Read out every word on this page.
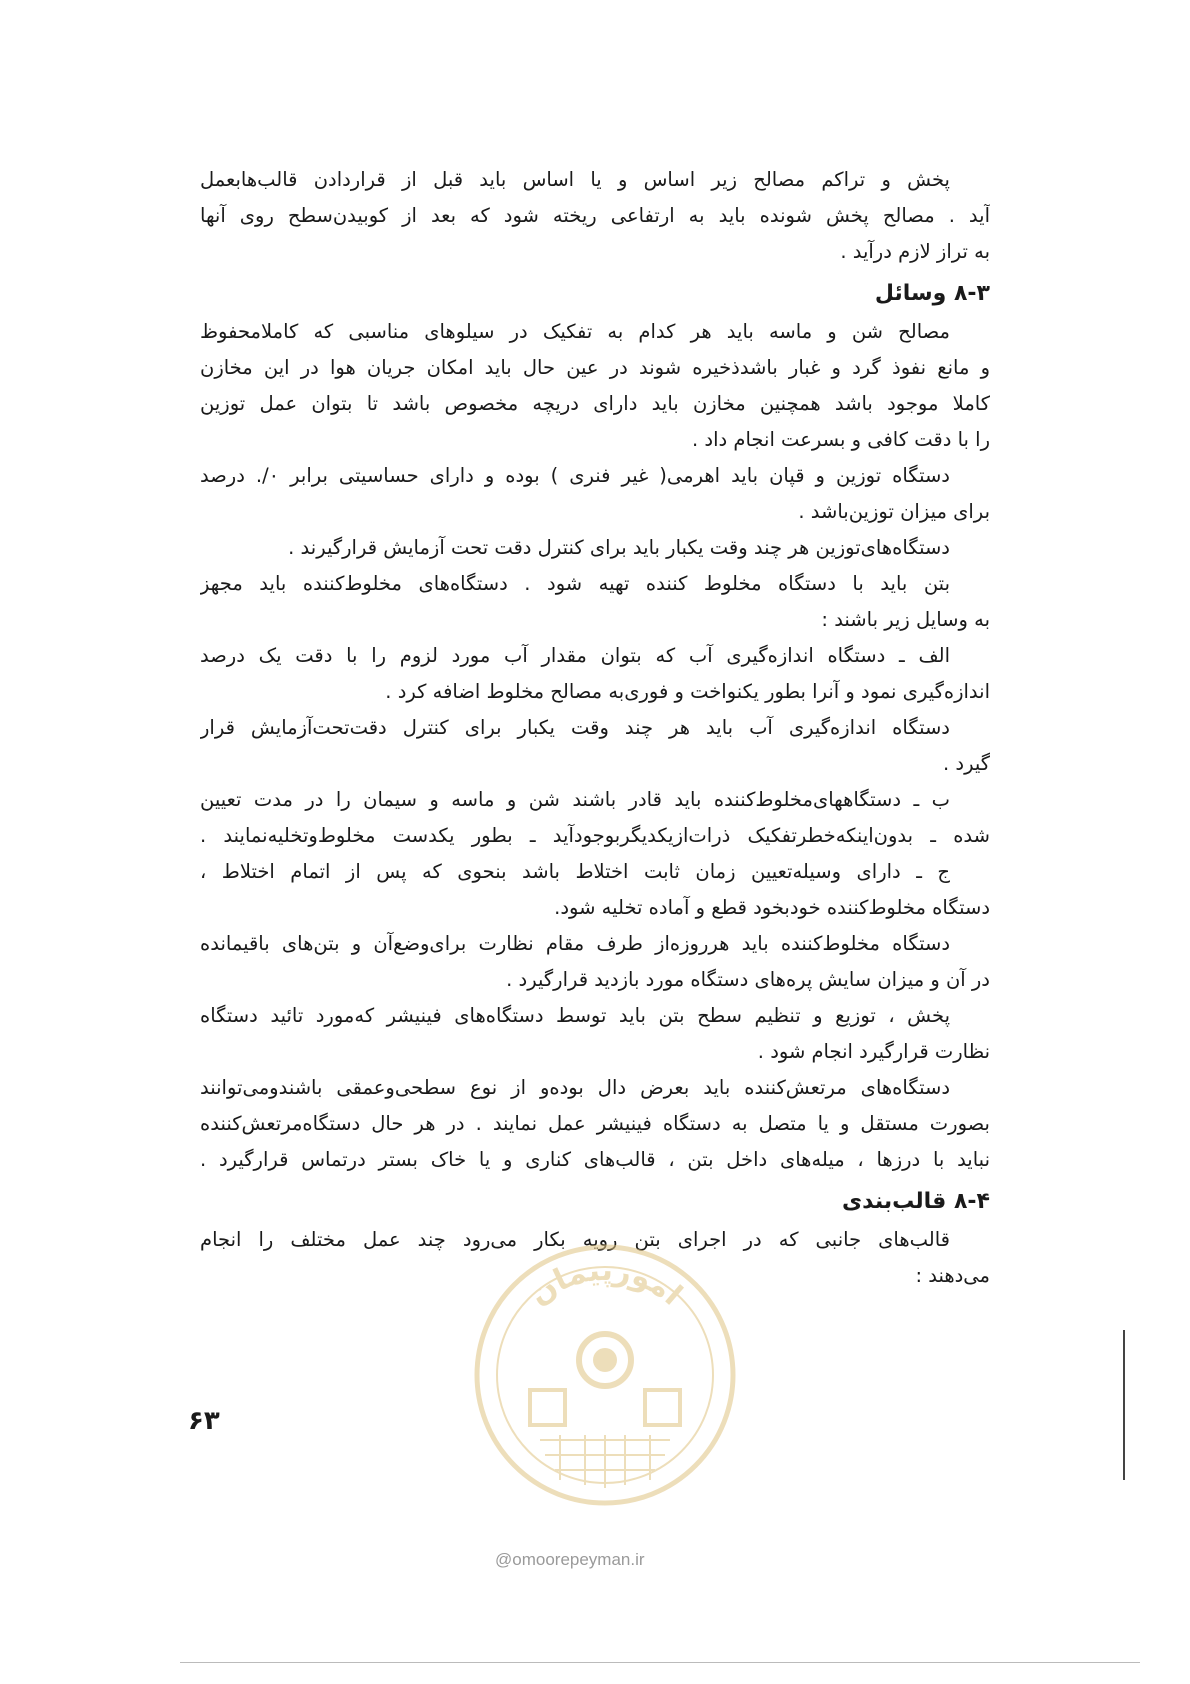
پخش و تراکم مصالح زیر اساس و یا اساس باید قبل از قراردادن قالب‌هابعمل
آید . مصالح پخش شونده باید به ارتفاعی ریخته شود که بعد از کوبیدن‌سطح روی آنها
به تراز لازم درآید .
۸-۳ وسائل
مصالح شن و ماسه باید هر کدام به تفکیک در سیلوهای مناسبی که کاملامحفوظ
و مانع نفوذ گرد و غبار باشدذخیره شوند در عین حال باید امکان جریان هوا در این مخازن
کاملا موجود باشد همچنین مخازن باید دارای دریچه مخصوص باشد تا بتوان عمل توزین
را با دقت کافی و بسرعت انجام داد .
دستگاه توزین و قپان باید اهرمی( غیر فنری ) بوده و دارای حساسیتی برابر ۰/. درصد
برای میزان توزین‌باشد .
دستگاه‌های‌توزین هر چند وقت یکبار باید برای کنترل دقت تحت آزمایش قرارگیرند .
بتن باید با دستگاه مخلوط کننده تهیه شود . دستگاه‌های مخلوط‌کننده باید مجهز
به وسایل زیر باشند :
الف ـ دستگاه اندازه‌گیری آب که بتوان مقدار آب مورد لزوم را با دقت یک درصد
اندازه‌گیری نمود و آنرا بطور یکنواخت و فوری‌به مصالح مخلوط اضافه کرد .
دستگاه اندازه‌گیری آب باید هر چند وقت یکبار برای کنترل دقت‌تحت‌آزمایش قرار
گیرد .
ب ـ دستگاههای‌مخلوط‌کننده باید قادر باشند شن و ماسه و سیمان را در مدت تعیین
شده ـ بدون‌اینکه‌خطرتفکیک ذرات‌ازیکدیگربوجودآید ـ بطور یکدست مخلوط‌وتخلیه‌نمایند .
ج ـ دارای وسیله‌تعیین زمان ثابت اختلاط باشد بنحوی که پس از اتمام اختلاط ،
دستگاه مخلوط‌کننده خودبخود قطع و آماده تخلیه شود.
دستگاه مخلوط‌کننده باید هرروزه‌از طرف مقام نظارت برای‌وضع‌آن و بتن‌های باقیمانده
در آن و میزان سایش پره‌های دستگاه مورد بازدید قرارگیرد .
پخش ، توزیع و تنظیم سطح بتن باید توسط دستگاه‌های فینیشر که‌مورد تائید دستگاه
نظارت قرارگیرد انجام شود .
دستگاه‌های مرتعش‌کننده باید بعرض دال بوده‌و از نوع سطحی‌وعمقی باشندومی‌توانند
بصورت مستقل و یا متصل به دستگاه فینیشر عمل نمایند . در هر حال دستگاه‌مرتعش‌کننده
نباید با درزها ، میله‌های داخل بتن ، قالب‌های کناری و یا خاک بستر درتماس قرارگیرد .
۸-۴ قالب‌بندی
قالب‌های جانبی که در اجرای بتن رویه بکار می‌رود چند عمل مختلف را انجام
می‌دهند :
۶۳
امورپیمان
@omoorepeyman.ir
